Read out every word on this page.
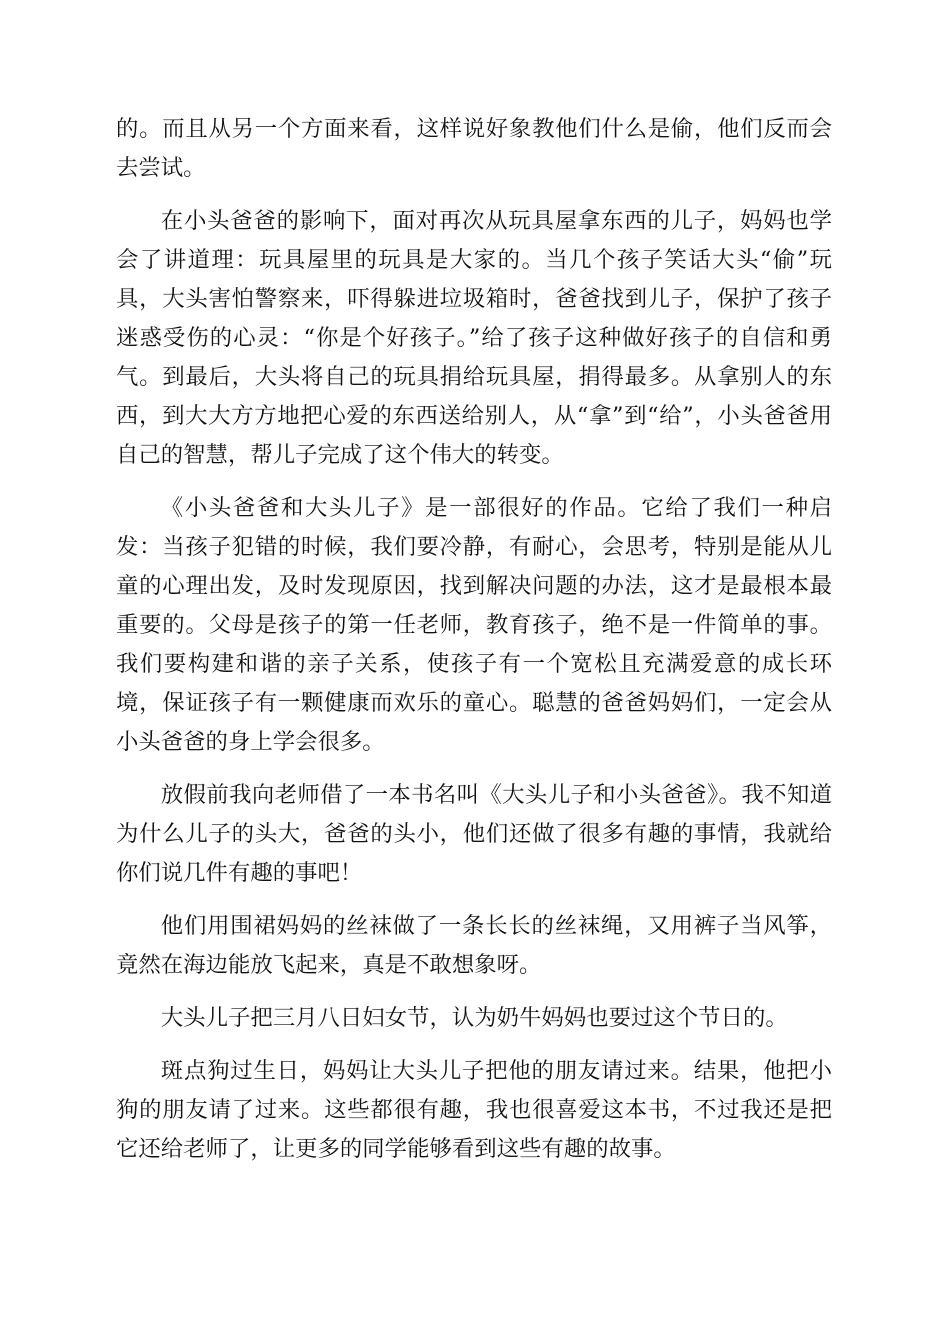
的。而且从另一个方面来看，这样说好象教他们什么是偷，他们反而会去尝试。

在小头爸爸的影响下，面对再次从玩具屋拿东西的儿子，妈妈也学会了讲道理：玩具屋里的玩具是大家的。当几个孩子笑话大头“偷”玩具，大头害怕警察来，吓得躲进垃圾箱时，爸爸找到儿子，保护了孩子迷惑受伤的心灵：“你是个好孩子。”给了孩子这种做好孩子的自信和勇气。到最后，大头将自己的玩具捐给玩具屋，捐得最多。从拿别人的东西，到大大方方地把心爱的东西送给别人，从“拿”到“给”，小头爸爸用自己的智慧，帮儿子完成了这个伟大的转变。

《小头爸爸和大头儿子》是一部很好的作品。它给了我们一种启发：当孩子犯错的时候，我们要冷静，有耐心，会思考，特别是能从儿童的心理出发，及时发现原因，找到解决问题的办法，这才是最根本最重要的。父母是孩子的第一任老师，教育孩子，绝不是一件简单的事。我们要构建和谐的亲子关系，使孩子有一个宽松且充满爱意的成长环境，保证孩子有一颗健康而欢乐的童心。聪慧的爸爸妈妈们，一定会从小头爸爸的身上学会很多。

放假前我向老师借了一本书名叫《大头儿子和小头爸爸》。我不知道为什么儿子的头大，爸爸的头小，他们还做了很多有趣的事情，我就给你们说几件有趣的事吧！

他们用围裙妈妈的丝袜做了一条长长的丝袜绳，又用裤子当风筝，竟然在海边能放飞起来，真是不敢想象呀。

大头儿子把三月八日妇女节，认为奶牛妈妈也要过这个节日的。

斑点狗过生日，妈妈让大头儿子把他的朋友请过来。结果，他把小狗的朋友请了过来。这些都很有趣，我也很喜爱这本书，不过我还是把它还给老师了，让更多的同学能够看到这些有趣的故事。
